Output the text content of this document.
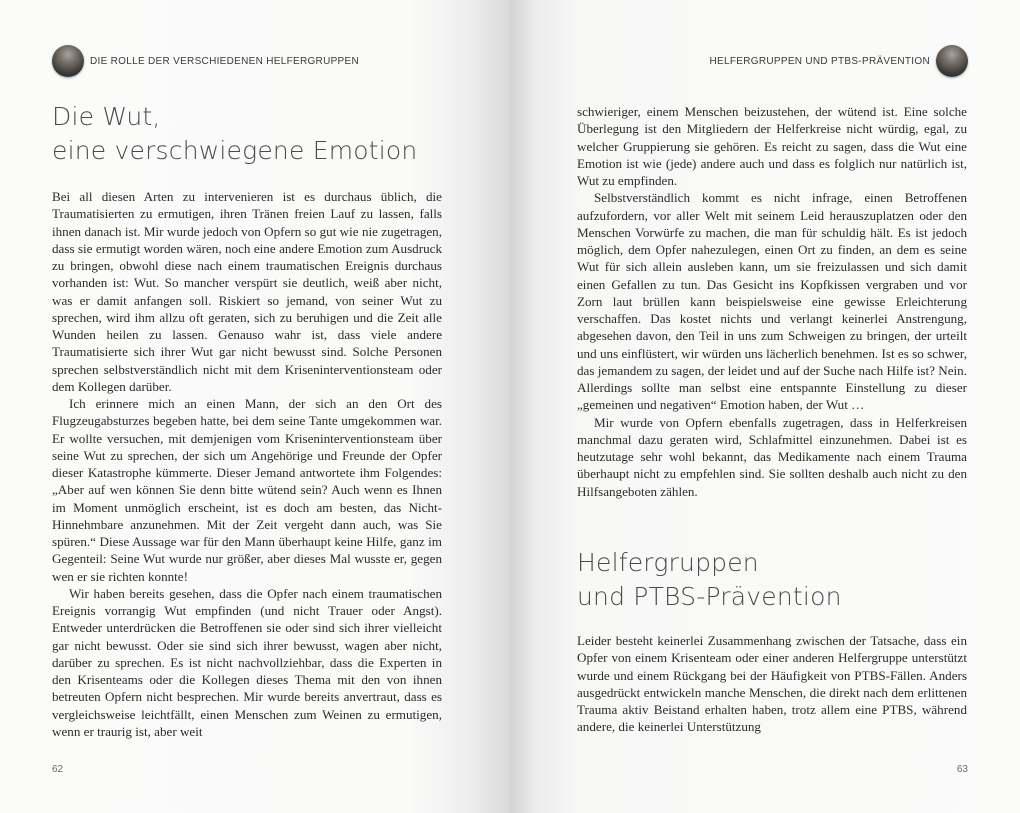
DIE ROLLE DER VERSCHIEDENEN HELFERGRUPPEN
Die Wut,
eine verschwiegene Emotion

Bei all diesen Arten zu intervenieren ist es durchaus üblich, die Traumatisierten zu ermutigen, ihren Tränen freien Lauf zu lassen, falls ihnen danach ist. Mir wurde jedoch von Opfern so gut wie nie zugetragen, dass sie ermutigt worden wären, noch eine andere Emotion zum Ausdruck zu bringen, obwohl diese nach einem traumatischen Ereignis durchaus vorhanden ist: Wut. So mancher verspürt sie deutlich, weiß aber nicht, was er damit anfangen soll. Riskiert so jemand, von seiner Wut zu sprechen, wird ihm allzu oft geraten, sich zu beruhigen und die Zeit alle Wunden heilen zu lassen. Genauso wahr ist, dass viele andere Traumatisierte sich ihrer Wut gar nicht bewusst sind. Solche Personen sprechen selbstverständlich nicht mit dem Kriseninterventionsteam oder dem Kollegen darüber.

Ich erinnere mich an einen Mann, der sich an den Ort des Flugzeugabsturzes begeben hatte, bei dem seine Tante umgekommen war. Er wollte versuchen, mit demjenigen vom Kriseninterventionsteam über seine Wut zu sprechen, der sich um Angehörige und Freunde der Opfer dieser Katastrophe kümmerte. Dieser Jemand antwortete ihm Folgendes: „Aber auf wen können Sie denn bitte wütend sein? Auch wenn es Ihnen im Moment unmöglich erscheint, ist es doch am besten, das Nicht-Hinnehmbare anzunehmen. Mit der Zeit vergeht dann auch, was Sie spüren.“ Diese Aussage war für den Mann überhaupt keine Hilfe, ganz im Gegenteil: Seine Wut wurde nur größer, aber dieses Mal wusste er, gegen wen er sie richten konnte!

Wir haben bereits gesehen, dass die Opfer nach einem traumatischen Ereignis vorrangig Wut empfinden (und nicht Trauer oder Angst). Entweder unterdrücken die Betroffenen sie oder sind sich ihrer vielleicht gar nicht bewusst. Oder sie sind sich ihrer bewusst, wagen aber nicht, darüber zu sprechen. Es ist nicht nachvollziehbar, dass die Experten in den Krisenteams oder die Kollegen dieses Thema mit den von ihnen betreuten Opfern nicht besprechen. Mir wurde bereits anvertraut, dass es vergleichsweise leichtfällt, einen Menschen zum Weinen zu ermutigen, wenn er traurig ist, aber weit

62
HELFERGRUPPEN UND PTBS-PRÄVENTION

schwieriger, einem Menschen beizustehen, der wütend ist. Eine solche Überlegung ist den Mitgliedern der Helferkreise nicht würdig, egal, zu welcher Gruppierung sie gehören. Es reicht zu sagen, dass die Wut eine Emotion ist wie (jede) andere auch und dass es folglich nur natürlich ist, Wut zu empfinden.

Selbstverständlich kommt es nicht infrage, einen Betroffenen aufzufordern, vor aller Welt mit seinem Leid herauszuplatzen oder den Menschen Vorwürfe zu machen, die man für schuldig hält. Es ist jedoch möglich, dem Opfer nahezulegen, einen Ort zu finden, an dem es seine Wut für sich allein ausleben kann, um sie freizulassen und sich damit einen Gefallen zu tun. Das Gesicht ins Kopfkissen vergraben und vor Zorn laut brüllen kann beispielsweise eine gewisse Erleichterung verschaffen. Das kostet nichts und verlangt keinerlei Anstrengung, abgesehen davon, den Teil in uns zum Schweigen zu bringen, der urteilt und uns einflüstert, wir würden uns lächerlich benehmen. Ist es so schwer, das jemandem zu sagen, der leidet und auf der Suche nach Hilfe ist? Nein. Allerdings sollte man selbst eine entspannte Einstellung zu dieser „gemeinen und negativen“ Emotion haben, der Wut …

Mir wurde von Opfern ebenfalls zugetragen, dass in Helferkreisen manchmal dazu geraten wird, Schlafmittel einzunehmen. Dabei ist es heutzutage sehr wohl bekannt, das Medikamente nach einem Trauma überhaupt nicht zu empfehlen sind. Sie sollten deshalb auch nicht zu den Hilfsangeboten zählen.

Helfergruppen
und PTBS-Prävention

Leider besteht keinerlei Zusammenhang zwischen der Tatsache, dass ein Opfer von einem Krisenteam oder einer anderen Helfergruppe unterstützt wurde und einem Rückgang bei der Häufigkeit von PTBS-Fällen. Anders ausgedrückt entwickeln manche Menschen, die direkt nach dem erlittenen Trauma aktiv Beistand erhalten haben, trotz allem eine PTBS, während andere, die keinerlei Unterstützung

63
